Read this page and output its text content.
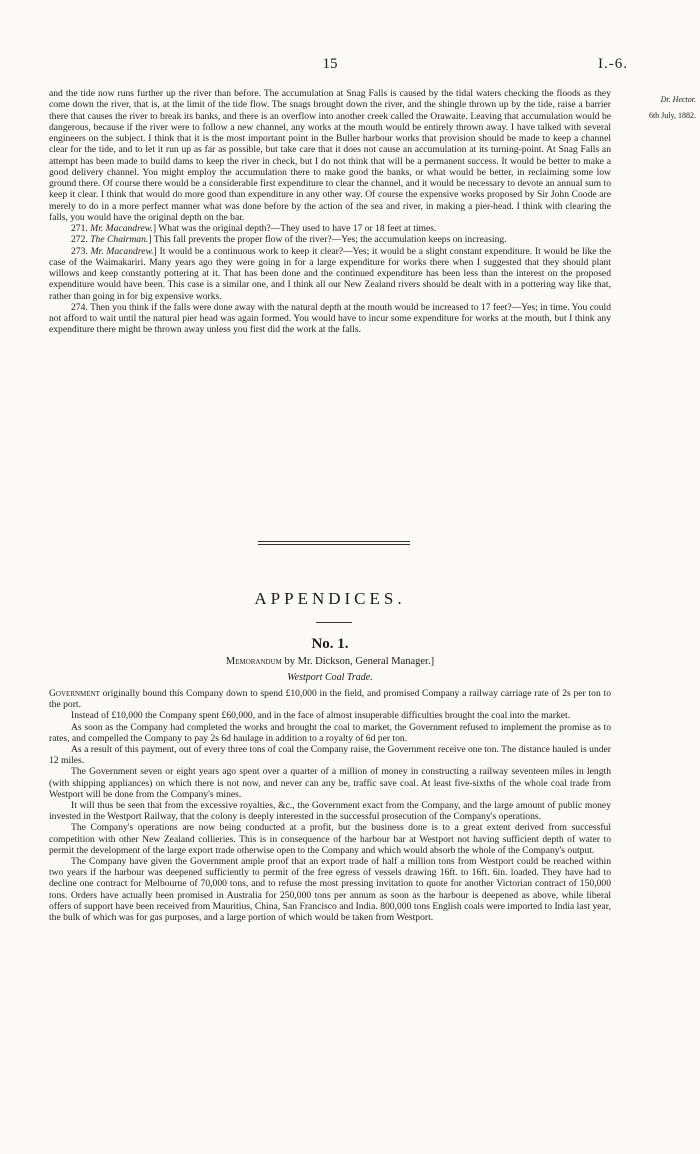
15	I.-6.
Dr. Hector.
6th July, 1882.

and the tide now runs further up the river than before. The accumulation at Snag Falls is caused by the tidal waters checking the floods as they come down the river, that is, at the limit of the tide flow. The snags brought down the river, and the shingle thrown up by the tide, raise a barrier there that causes the river to break its banks, and there is an overflow into another creek called the Orawaite. Leaving that accumulation would be dangerous, because if the river were to follow a new channel, any works at the mouth would be entirely thrown away. I have talked with several engineers on the subject. I think that it is the most important point in the Buller harbour works that provision should be made to keep a channel clear for the tide, and to let it run up as far as possible, but take care that it does not cause an accumulation at its turning-point. At Snag Falls an attempt has been made to build dams to keep the river in check, but I do not think that will be a permanent success. It would be better to make a good delivery channel. You might employ the accumulation there to make good the banks, or what would be better, in reclaiming some low ground there. Of course there would be a considerable first expenditure to clear the channel, and it would be necessary to devote an annual sum to keep it clear. I think that would do more good than expenditure in any other way. Of course the expensive works proposed by Sir John Coode are merely to do in a more perfect manner what was done before by the action of the sea and river, in making a pier-head. I think with clearing the falls, you would have the original depth on the bar.

271. Mr. Macandrew.] What was the original depth?—They used to have 17 or 18 feet at times.

272. The Chairman.] This fall prevents the proper flow of the river?—Yes; the accumulation keeps on increasing.

273. Mr. Macandrew.] It would be a continuous work to keep it clear?—Yes; it would be a slight constant expenditure. It would be like the case of the Waimakariri. Many years ago they were going in for a large expenditure for works there when I suggested that they should plant willows and keep constantly pottering at it. That has been done and the continued expenditure has been less than the interest on the proposed expenditure would have been. This case is a similar one, and I think all our New Zealand rivers should be dealt with in a pottering way like that, rather than going in for big expensive works.

274. Then you think if the falls were done away with the natural depth at the mouth would be increased to 17 feet?—Yes; in time. You could not afford to wait until the natural pier head was again formed. You would have to incur some expenditure for works at the mouth, but I think any expenditure there might be thrown away unless you first did the work at the falls.

APPENDICES.
No. 1.
Memorandum by Mr. Dickson, General Manager.]
Westport Coal Trade.

Government originally bound this Company down to spend £10,000 in the field, and promised Company a railway carriage rate of 2s per ton to the port.

Instead of £10,000 the Company spent £60,000, and in the face of almost insuperable difficulties brought the coal into the market.

As soon as the Company had completed the works and brought the coal to market, the Government refused to implement the promise as to rates, and compelled the Company to pay 2s 6d haulage in addition to a royalty of 6d per ton.

As a result of this payment, out of every three tons of coal the Company raise, the Government receive one ton. The distance hauled is under 12 miles.

The Government seven or eight years ago spent over a quarter of a million of money in constructing a railway seventeen miles in length (with shipping appliances) on which there is not now, and never can any be, traffic save coal. At least five-sixths of the whole coal trade from Westport will be done from the Company's mines.

It will thus be seen that from the excessive royalties, &c., the Government exact from the Company, and the large amount of public money invested in the Westport Railway, that the colony is deeply interested in the successful prosecution of the Company's operations.

The Company's operations are now being conducted at a profit, but the business done is to a great extent derived from successful competition with other New Zealand collieries. This is in consequence of the harbour bar at Westport not having sufficient depth of water to permit the development of the large export trade otherwise open to the Company and which would absorb the whole of the Company's output.

The Company have given the Government ample proof that an export trade of half a million tons from Westport could be reached within two years if the harbour was deepened sufficiently to permit of the free egress of vessels drawing 16ft. to 16ft. 6in. loaded. They have had to decline one contract for Melbourne of 70,000 tons, and to refuse the most pressing invitation to quote for another Victorian contract of 150,000 tons. Orders have actually been promised in Australia for 250,000 tons per annum as soon as the harbour is deepened as above, while liberal offers of support have been received from Mauritius, China, San Francisco and India. 800,000 tons English coals were imported to India last year, the bulk of which was for gas purposes, and a large portion of which would be taken from Westport.
